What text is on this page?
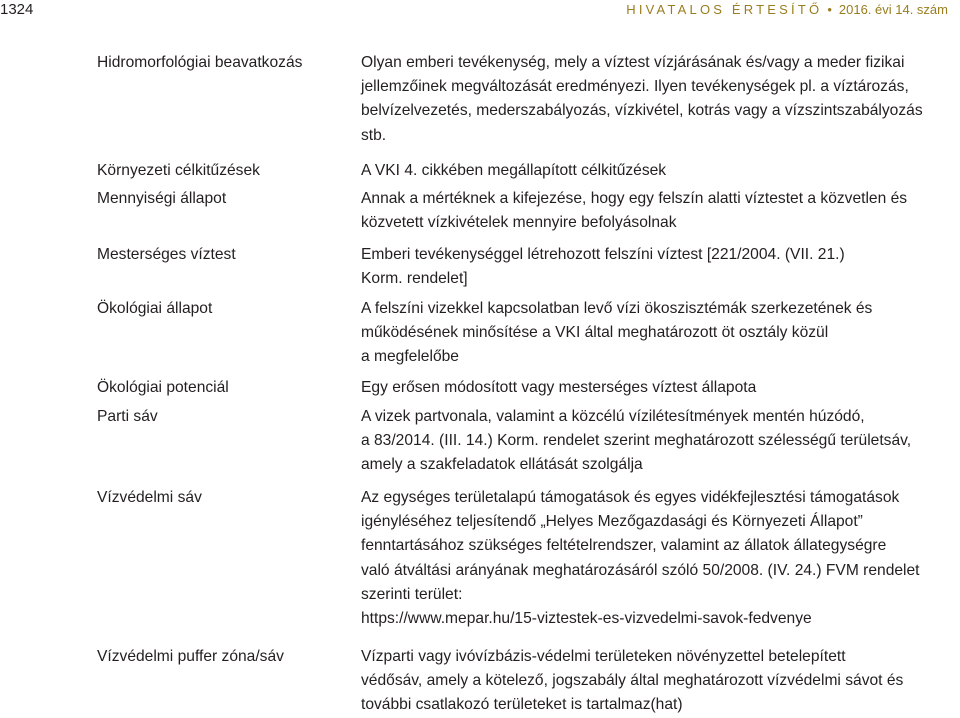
1324	HIVATALOS ÉRTESÍTŐ • 2016. évi 14. szám
Hidromorfológiai beavatkozás	Olyan emberi tevékenység, mely a víztest vízjárásának és/vagy a meder fizikai
jellemzőinek megváltozását eredményezi. Ilyen tevékenységek pl. a víztározás,
belvízelvezetés, mederszabályozás, vízkivétel, kotrás vagy a vízszintszabályozás
stb.
Környezeti célkitűzések	A VKI 4. cikkében megállapított célkitűzések
Mennyiségi állapot	Annak a mértéknek a kifejezése, hogy egy felszín alatti víztestet a közvetlen és
közvetett vízkivételek mennyire befolyásolnak
Mesterséges víztest	Emberi tevékenységgel létrehozott felszíni víztest [221/2004. (VII. 21.)
Korm. rendelet]
Ökológiai állapot	A felszíni vizekkel kapcsolatban levő vízi ökoszisztémák szerkezetének és
működésének minősítése a VKI által meghatározott öt osztály közül
a megfelelőbe
Ökológiai potenciál	Egy erősen módosított vagy mesterséges víztest állapota
Parti sáv	A vizek partvonala, valamint a közcélú vízilétesítmények mentén húzódó,
a 83/2014. (III. 14.) Korm. rendelet szerint meghatározott szélességű területsáv,
amely a szakfeladatok ellátását szolgálja
Vízvédelmi sáv	Az egységes területalapú támogatások és egyes vidékfejlesztési támogatások
igényléséhez teljesítendő „Helyes Mezőgazdasági és Környezeti Állapot”
fenntartásához szükséges feltételrendszer, valamint az állatok állategységre
való átváltási arányának meghatározásáról szóló 50/2008. (IV. 24.) FVM rendelet
szerinti terület:
https://www.mepar.hu/15-viztestek-es-vizvedelmi-savok-fedvenye
Vízvédelmi puffer zóna/sáv	Vízparti vagy ivóvízbázis-védelmi területeken növényzettel betelepített
védősáv, amely a kötelező, jogszabály által meghatározott vízvédelmi sávot és
további csatlakozó területeket is tartalmaz(hat)
